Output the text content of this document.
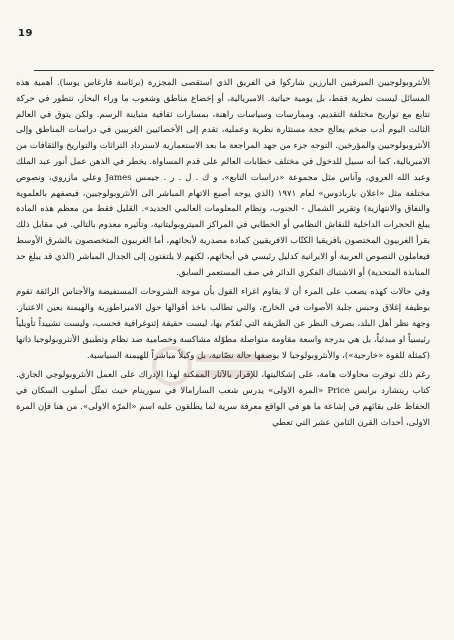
19

الأنثروبولوجيين الميرفيين البارزين شاركوا في الفريق الذي استقصى المجزرة (برئاسة فارغاس يوسا). أهمية هذه المسائل ليست نظرية فقط، بل يومية حياتية. الامبريالية، أو إخضاع مناطق وشعوب ما وراء البحار، تتطور في حركة تتابع مع تواريخ مختلفة التقديم، وممارسات وسياسات راهنة، بمسارات ثقافية متباينة الرسم. ولكن يتوق في العالم الثالث اليوم أدب ضخم يعالج حجة مستثارة نظرية وعملية، تقدم إلى الأخصائيين الغربيين في دراسات المناطق وإلى الأنثروبولوجيين والمؤرخين. التوجه جزء من جهد المراجعة ما بعد الاستعمارية لاسترداد التراثات والتواريخ والثقافات من الامبريالية، كما أنه سبيل للدخول في مختلف خطابات العالم على قدم المساواة. يخطر في الذهن عمل أنور عبد الملك وعبد الله العروي، وآناس مثل مجموعة «دراسات التابع»، و ك . ل . ر . جيمس James وعلي مازروي، ونصوص مختلفة مثل «اعلان باربادوس» لعام ١٩٧١ (الذي يوجه أصبع الاتهام المباشر الى الأنثروبولوجيين، فيصفهم بالعلموية والنفاق والانتهازية) وتقرير الشمال - الجنوب، ونظام المعلومات العالمي الجديد». القليل فقط من معظم هذه المادة يبلغ الحجرات الداخلية للنقاش النظامي أو الخطابي في المراكز الميتروبوليتانية، وتأثيره معدوم بالتالي. في مقابل ذلك يقرأ الغربيون المختصون بافريقيا الكتّاب الافريقيين كمادة مصدرية لأبحاثهم، أما الغربيون المتخصصون بالشرق الأوسط فيعاملون النصوص العربية أو الايرانية كدليل رئيسي في أبحاثهم، لكنهم لا يلتفتون إلى الجدال المباشر (الذي قد يبلغ حد المنابذة المتحدية) أو الاشتباك الفكري الدائر في صف المستعمر السابق.

وفي حالات كهذه يصعب على المرء أن لا يقاوم اغراء القول بأن موجة الشروحات المستفيضة والأجناس الرائقة تقوم بوظيفة إغلاق وحبس جلبة الأصوات في الخارج، والتي تطالب باخذ أقوالها حول الامبراطورية والهيمنة بعين الاعتبار. وجهة نظر أهل البلد، بصرف النظر عن الطريقة التي تُقدّم بها، ليست حقيقة إثنوغرافية فحسب، وليست تشييداً تأويلياً رئيسياً او مبدئياً، بل هي بدرجة واسعة مقاومة متواصلة مطوّلة مشاكسة وخصامية ضد نظام وتطبيق الأنثروبولوجيا ذاتها (كمثلة للقوة «خارجية»)، والأنثروبولوجيا لا بوصفها حالة نصّانية، بل وكيلاً مباشراً للهيمنة السياسية.

رغم ذلك توفرت محاولات هامة، على إشكاليتها، للإقرار بالآثار الممكنة لهذا الإدراك على العمل الأنثروبولوجي الجاري. كتاب ريتشارد برايس Price «المرة الاولى» يدرس شعب السارامالا في سورينام حيث تمثّل أسلوب السكان في الحفاظ على بقائهم في إشاعة ما هو في الواقع معرفة سرية لما يطلقون عليه اسم «المرّة الاولى». من هنا فإن المرة الاولى، أحداث القرن الثامن عشر التي تعطي
